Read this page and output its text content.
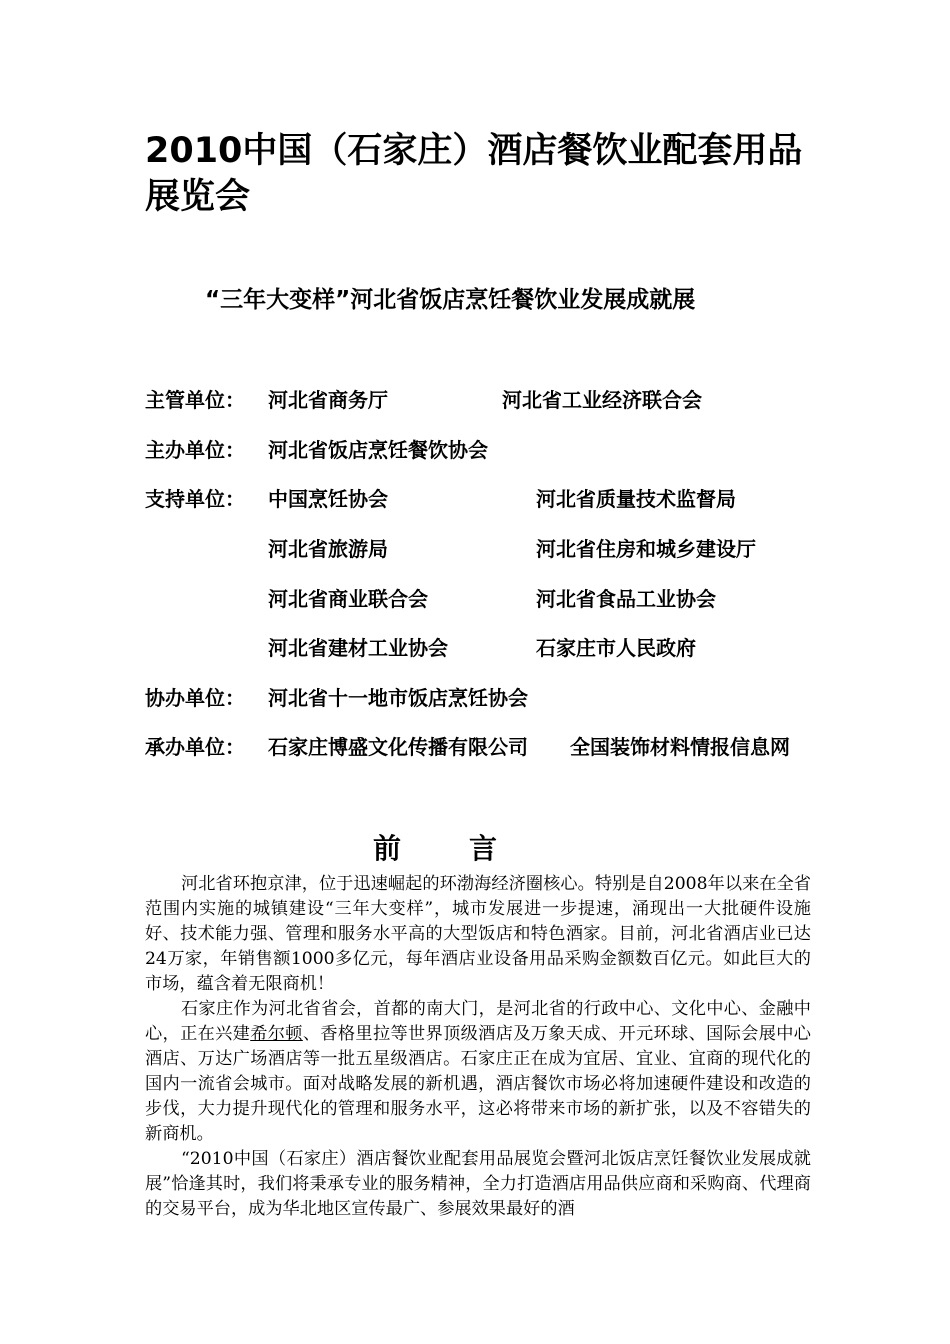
2010中国（石家庄）酒店餐饮业配套用品展览会
“三年大变样”河北省饭店烹饪餐饮业发展成就展
主管单位： 河北省商务厅	河北省工业经济联合会
主办单位： 河北省饭店烹饪餐饮协会
支持单位： 中国烹饪协会	河北省质量技术监督局
河北省旅游局	河北省住房和城乡建设厅
河北省商业联合会	河北省食品工业协会
河北省建材工业协会	石家庄市人民政府
协办单位： 河北省十一地市饭店烹饪协会
承办单位： 石家庄博盛文化传播有限公司 全国装饰材料情报信息网
前 言

河北省环抱京津，位于迅速崛起的环渤海经济圈核心。特别是自2008年以来在全省范围内实施的城镇建设“三年大变样”，城市发展进一步提速，涌现出一大批硬件设施好、技术能力强、管理和服务水平高的大型饭店和特色酒家。目前，河北省酒店业已达 24万家，年销售额1000多亿元，每年酒店业设备用品采购金额数百亿元。如此巨大的市场，蕴含着无限商机！

石家庄作为河北省省会，首都的南大门，是河北省的行政中心、文化中心、金融中心，正在兴建希尔顿、香格里拉等世界顶级酒店及万象天成、开元环球、国际会展中心酒店、万达广场酒店等一批五星级酒店。石家庄正在成为宜居、宜业、宜商的现代化的国内一流省会城市。面对战略发展的新机遇，酒店餐饮市场必将加速硬件建设和改造的步伐，大力提升现代化的管理和服务水平，这必将带来市场的新扩张，以及不容错失的新商机。

“2010中国（石家庄）酒店餐饮业配套用品展览会暨河北饭店烹饪餐饮业发展成就展”恰逢其时，我们将秉承专业的服务精神，全力打造酒店用品供应商和采购商、代理商的交易平台，成为华北地区宣传最广、参展效果最好的酒
